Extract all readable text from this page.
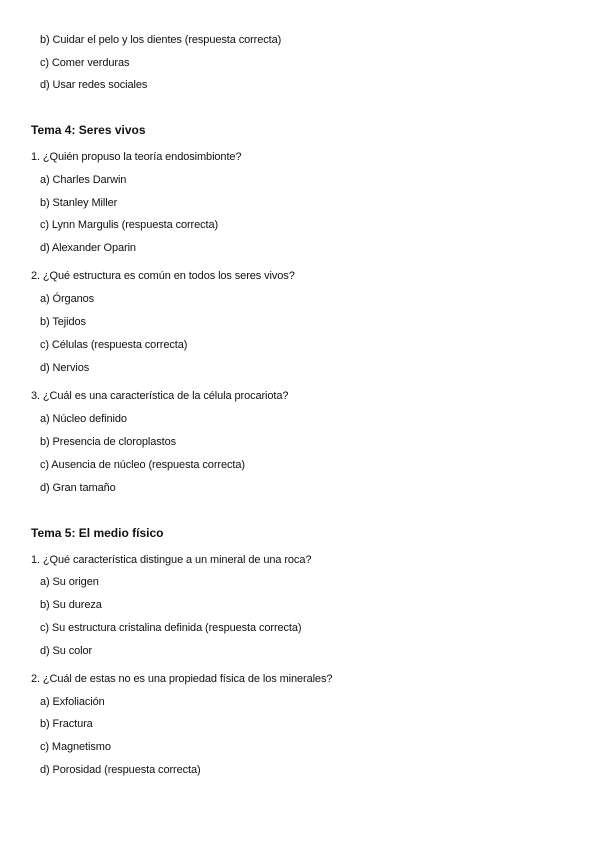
b) Cuidar el pelo y los dientes (respuesta correcta)
c) Comer verduras
d) Usar redes sociales
Tema 4: Seres vivos
1. ¿Quién propuso la teoría endosimbionte?
a) Charles Darwin
b) Stanley Miller
c) Lynn Margulis (respuesta correcta)
d) Alexander Oparin
2. ¿Qué estructura es común en todos los seres vivos?
a) Órganos
b) Tejidos
c) Células (respuesta correcta)
d) Nervios
3. ¿Cuál es una característica de la célula procariota?
a) Núcleo definido
b) Presencia de cloroplastos
c) Ausencia de núcleo (respuesta correcta)
d) Gran tamaño
Tema 5: El medio físico
1. ¿Qué característica distingue a un mineral de una roca?
a) Su origen
b) Su dureza
c) Su estructura cristalina definida (respuesta correcta)
d) Su color
2. ¿Cuál de estas no es una propiedad física de los minerales?
a) Exfoliación
b) Fractura
c) Magnetismo
d) Porosidad (respuesta correcta)
